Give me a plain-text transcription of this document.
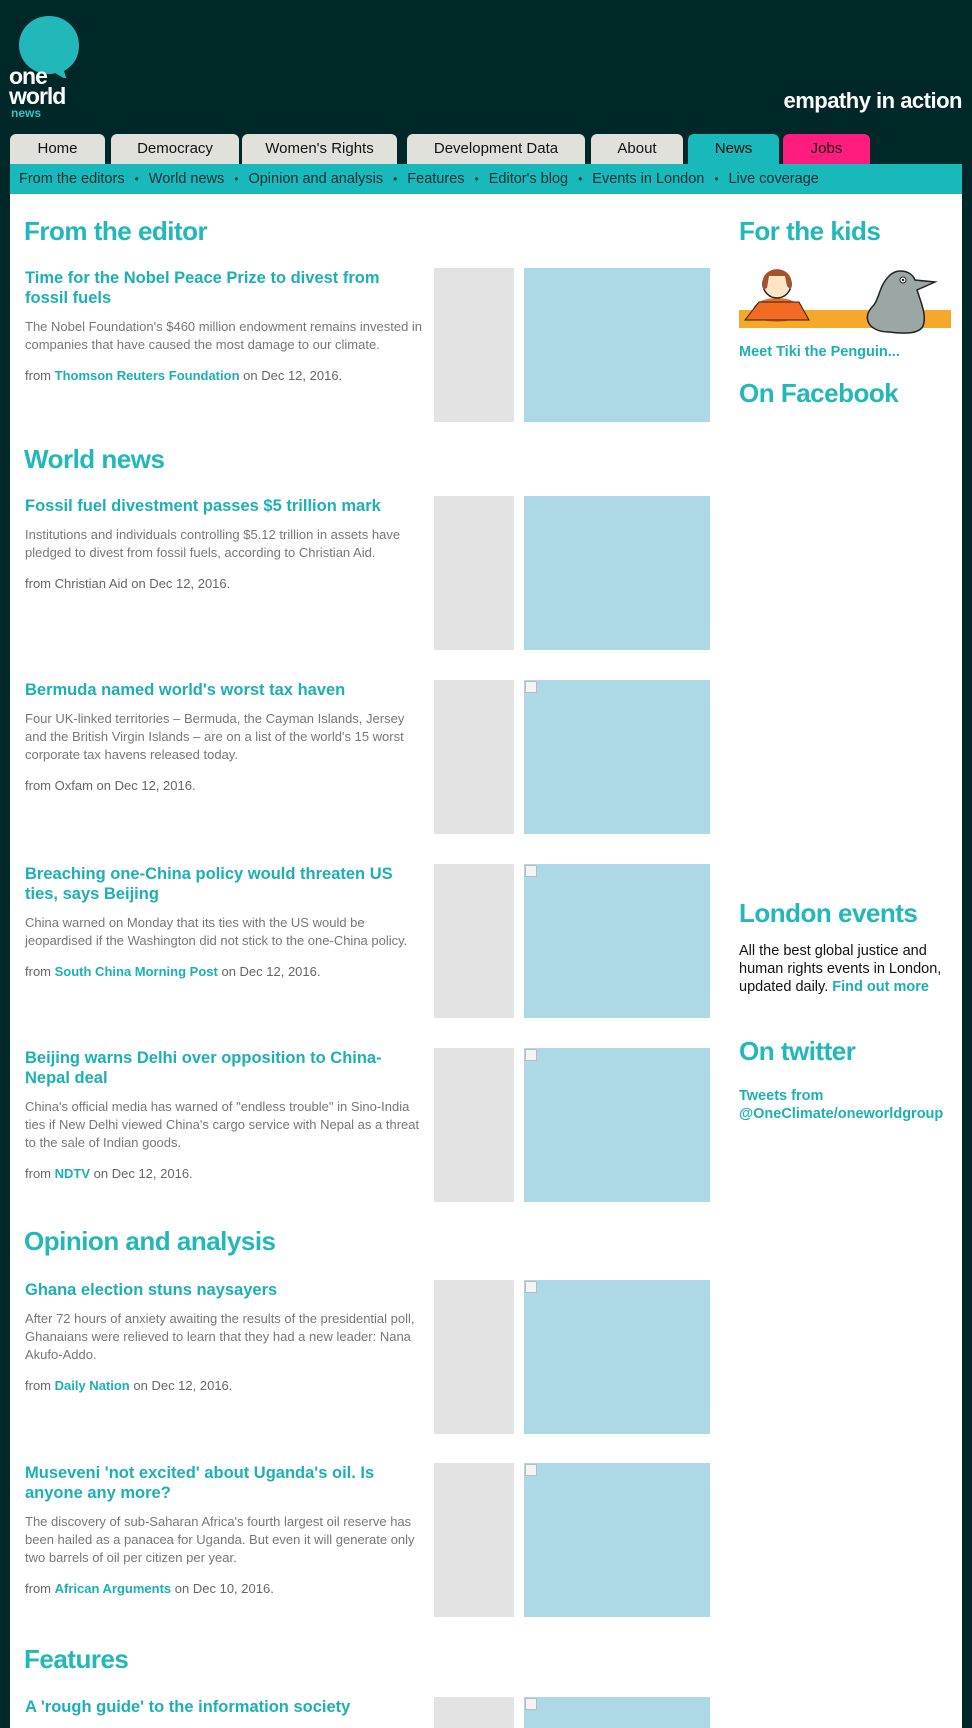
one
world
news	empathy in action
Home	Democracy	Women's Rights	Development Data	About	News	Jobs
From the editors • World news • Opinion and analysis • Features • Editor's blog • Events in London • Live coverage
From the editor
Time for the Nobel Peace Prize to divest from fossil fuels

The Nobel Foundation's $460 million endowment remains invested in companies that have caused the most damage to our climate.

from Thomson Reuters Foundation on Dec 12, 2016.
World news
Fossil fuel divestment passes $5 trillion mark

Institutions and individuals controlling $5.12 trillion in assets have pledged to divest from fossil fuels, according to Christian Aid.

from Christian Aid on Dec 12, 2016.
Bermuda named world's worst tax haven

Four UK-linked territories – Bermuda, the Cayman Islands, Jersey and the British Virgin Islands – are on a list of the world's 15 worst corporate tax havens released today.

from Oxfam on Dec 12, 2016.
Breaching one-China policy would threaten US ties, says Beijing

China warned on Monday that its ties with the US would be jeopardised if the Washington did not stick to the one-China policy.

from South China Morning Post on Dec 12, 2016.
Beijing warns Delhi over opposition to China-Nepal deal

China's official media has warned of "endless trouble" in Sino-India ties if New Delhi viewed China's cargo service with Nepal as a threat to the sale of Indian goods.

from NDTV on Dec 12, 2016.
Opinion and analysis
Ghana election stuns naysayers

After 72 hours of anxiety awaiting the results of the presidential poll, Ghanaians were relieved to learn that they had a new leader: Nana Akufo-Addo.

from Daily Nation on Dec 12, 2016.
Museveni 'not excited' about Uganda's oil. Is anyone any more?

The discovery of sub-Saharan Africa's fourth largest oil reserve has been hailed as a panacea for Uganda. But even it will generate only two barrels of oil per citizen per year.

from African Arguments on Dec 10, 2016.
Features
A 'rough guide' to the information society
For the kids
Meet Tiki the Penguin...
On Facebook
London events
All the best global justice and human rights events in London, updated daily. Find out more
On twitter
Tweets from
@OneClimate/oneworldgroup
